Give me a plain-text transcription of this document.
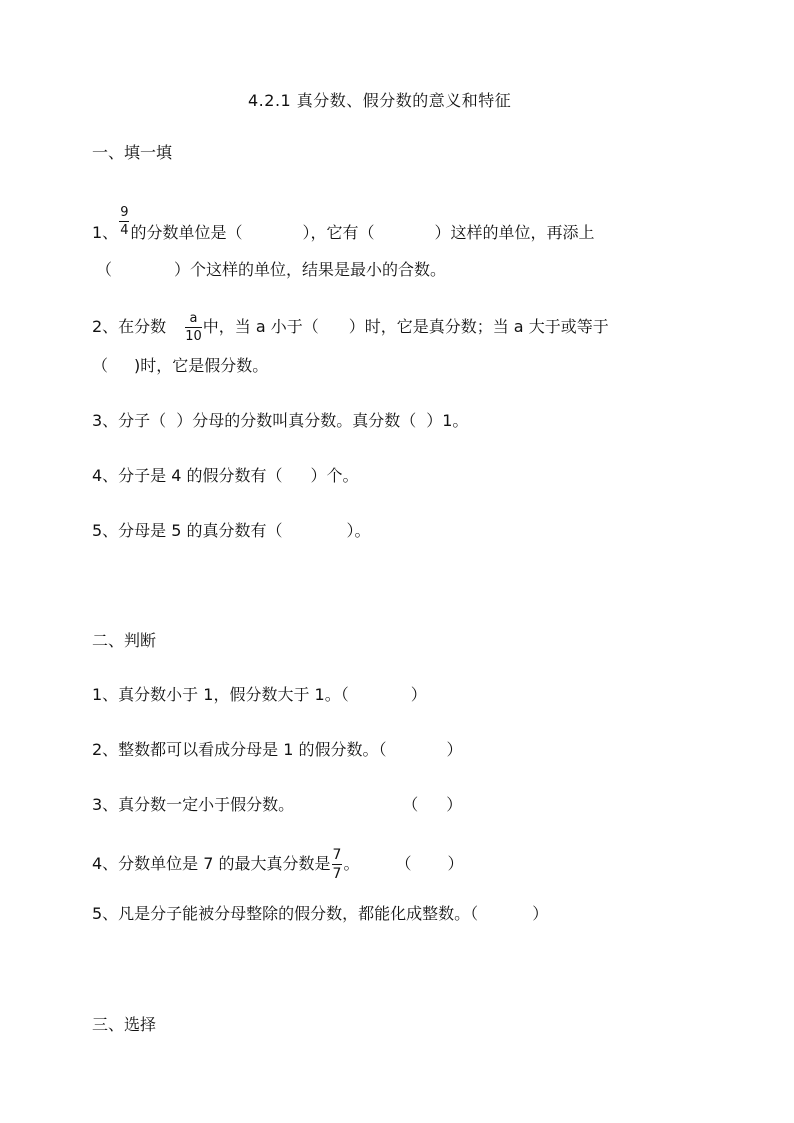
4.2.1 真分数、假分数的意义和特征
一、填一填
1、 $\frac{9}{4}$ 的分数单位是（	），它有（	）这样的单位，再添上
（	）个这样的单位，结果是最小的合数。
2、在分数 $\frac{a}{10}$ 中，当 a 小于（ ）时，它是真分数；当 a 大于或等于
（ )时，它是假分数。
3、分子（ ）分母的分数叫真分数。真分数（ ）1。
4、分子是 4 的假分数有（ ）个。
5、分母是 5 的真分数有（	）。
二、判断
1、真分数小于 1，假分数大于 1。（	）
2、整数都可以看成分母是 1 的假分数。（	）
3、真分数一定小于假分数。	（ ）
4、分数单位是 7 的最大真分数是 $\frac{7}{7}$ 。 （ ）
5、凡是分子能被分母整除的假分数，都能化成整数。（	）
三、选择
